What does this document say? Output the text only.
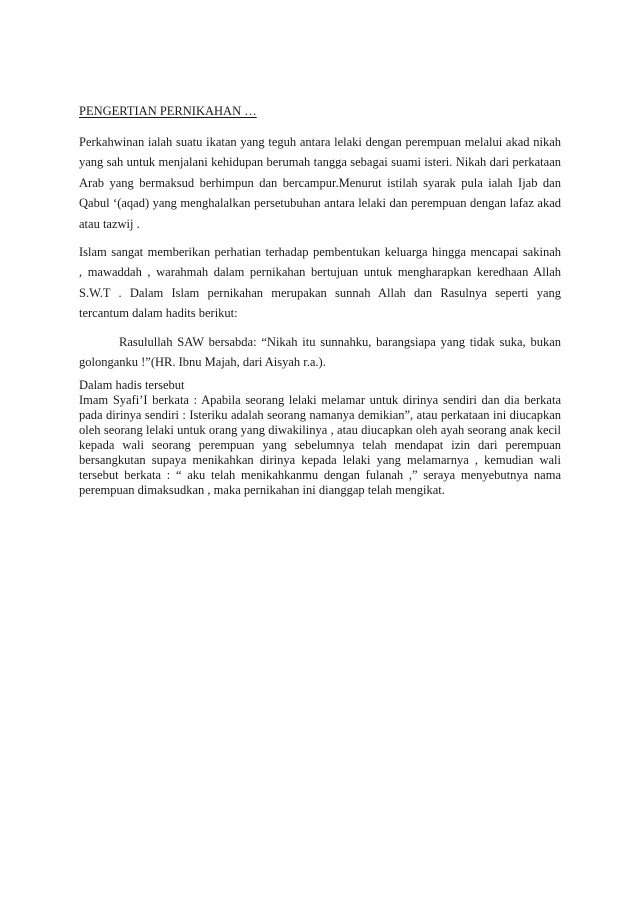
PENGERTIAN PERNIKAHAN …
Perkahwinan ialah suatu ikatan yang teguh antara lelaki dengan perempuan melalui akad nikah
yang sah untuk menjalani kehidupan berumah tangga sebagai suami isteri. Nikah dari perkataan
Arab yang bermaksud berhimpun dan bercampur.Menurut istilah syarak pula ialah Ijab dan
Qabul ‘(aqad) yang menghalalkan persetubuhan antara lelaki dan perempuan dengan lafaz akad
atau tazwij .
Islam sangat memberikan perhatian terhadap pembentukan keluarga hingga mencapai sakinah
, mawaddah , warahmah dalam pernikahan bertujuan untuk mengharapkan keredhaan Allah
S.W.T . Dalam Islam pernikahan merupakan sunnah Allah dan Rasulnya seperti yang
tercantum dalam hadits berikut:
Rasulullah SAW bersabda: “Nikah itu sunnahku, barangsiapa yang tidak suka, bukan
golonganku !”(HR. Ibnu Majah, dari Aisyah r.a.).
Dalam hadis tersebut
Imam Syafi’I berkata : Apabila seorang lelaki melamar untuk dirinya sendiri dan dia berkata
pada dirinya sendiri : Isteriku adalah seorang namanya demikian”, atau perkataan ini diucapkan
oleh seorang lelaki untuk orang yang diwakilinya , atau diucapkan oleh ayah seorang anak kecil
kepada wali seorang perempuan yang sebelumnya telah mendapat izin dari perempuan
bersangkutan supaya menikahkan dirinya kepada lelaki yang melamarnya , kemudian wali
tersebut berkata : “ aku telah menikahkanmu dengan fulanah ,” seraya menyebutnya nama
perempuan dimaksudkan , maka pernikahan ini dianggap telah mengikat.
